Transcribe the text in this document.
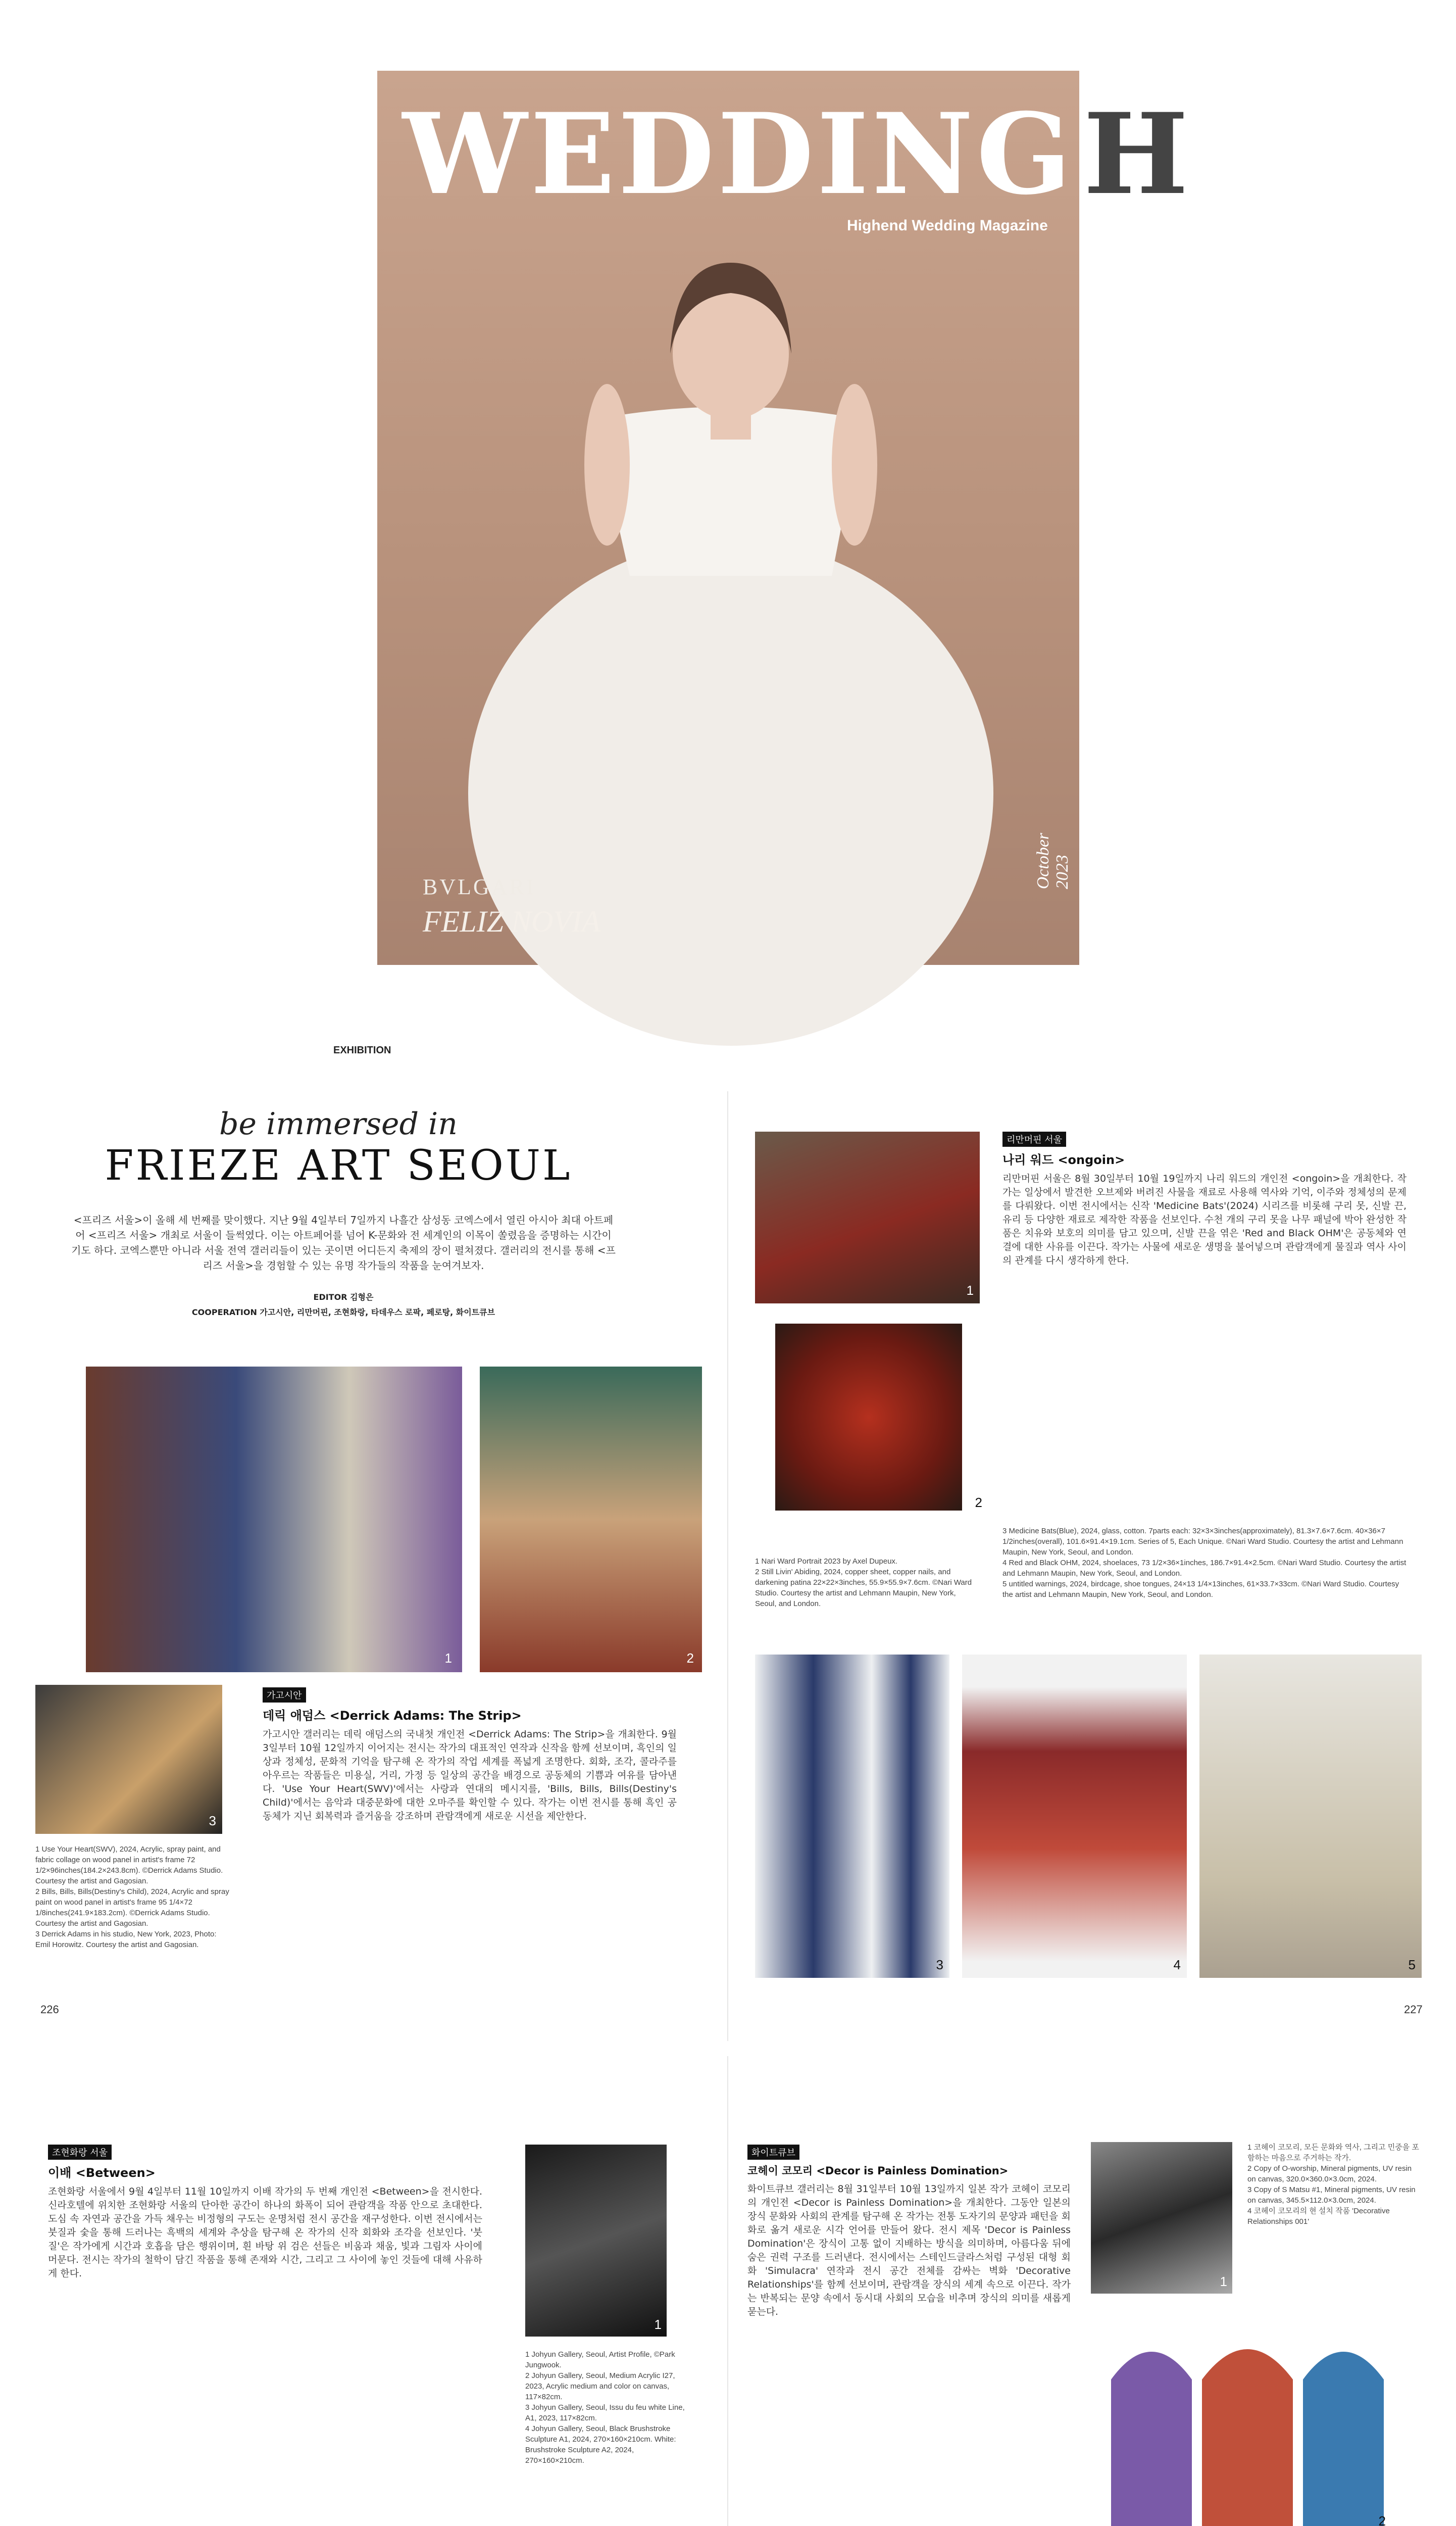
WEDDINGH
Highend Wedding Magazine
BVLGARI
FELIZ NOVIA
October 2023
EXHIBITION
be immersed in
FRIEZE ART SEOUL
<프리즈 서울>이 올해 세 번째를 맞이했다. 지난 9월 4일부터 7일까지 나흘간 삼성동 코엑스에서 열린 아시아 최대 아트페어 <프리즈 서울> 개최로 서울이 들썩였다. 이는 아트페어를 넘어 K-문화와 전 세계인의 이목이 쏠렸음을 증명하는 시간이기도 하다. 코엑스뿐만 아니라 서울 전역 갤러리들이 있는 곳이면 어디든지 축제의 장이 펼쳐졌다. 갤러리의 전시를 통해 <프리즈 서울>을 경험할 수 있는 유명 작가들의 작품을 눈여겨보자.
EDITOR 김형은
COOPERATION 가고시안, 리만머핀, 조현화랑, 타데우스 로팍, 페로탕, 화이트큐브
1	2
3
1 Use Your Heart(SWV), 2024, Acrylic, spray paint, and fabric collage on wood panel in artist's frame 72 1/2×96inches(184.2×243.8cm). ©Derrick Adams Studio. Courtesy the artist and Gagosian.
2 Bills, Bills, Bills(Destiny's Child), 2024, Acrylic and spray paint on wood panel in artist's frame 95 1/4×72 1/8inches(241.9×183.2cm). ©Derrick Adams Studio. Courtesy the artist and Gagosian.
3 Derrick Adams in his studio, New York, 2023, Photo: Emil Horowitz. Courtesy the artist and Gagosian.
가고시안
데릭 애덤스 <Derrick Adams: The Strip>
가고시안 갤러리는 데릭 애덤스의 국내첫 개인전 <Derrick Adams: The Strip>을 개최한다. 9월 3일부터 10월 12일까지 이어지는 전시는 작가의 대표적인 연작과 신작을 함께 선보이며, 흑인의 일상과 정체성, 문화적 기억을 탐구해 온 작가의 작업 세계를 폭넓게 조명한다. 회화, 조각, 콜라주를 아우르는 작품들은 미용실, 거리, 가정 등 일상의 공간을 배경으로 공동체의 기쁨과 여유를 담아낸다. 'Use Your Heart(SWV)'에서는 사랑과 연대의 메시지를, 'Bills, Bills, Bills(Destiny's Child)'에서는 음악과 대중문화에 대한 오마주를 확인할 수 있다. 작가는 이번 전시를 통해 흑인 공동체가 지닌 회복력과 즐거움을 강조하며 관람객에게 새로운 시선을 제안한다.
226
1
리만머핀 서울
나리 워드 <ongoin>
리만머핀 서울은 8월 30일부터 10월 19일까지 나리 워드의 개인전 <ongoin>을 개최한다. 작가는 일상에서 발견한 오브제와 버려진 사물을 재료로 사용해 역사와 기억, 이주와 정체성의 문제를 다뤄왔다. 이번 전시에서는 신작 'Medicine Bats'(2024) 시리즈를 비롯해 구리 못, 신발 끈, 유리 등 다양한 재료로 제작한 작품을 선보인다. 수천 개의 구리 못을 나무 패널에 박아 완성한 작품은 치유와 보호의 의미를 담고 있으며, 신발 끈을 엮은 'Red and Black OHM'은 공동체와 연결에 대한 사유를 이끈다. 작가는 사물에 새로운 생명을 불어넣으며 관람객에게 물질과 역사 사이의 관계를 다시 생각하게 한다.
2
1 Nari Ward Portrait 2023 by Axel Dupeux.
2 Still Livin' Abiding, 2024, copper sheet, copper nails, and darkening patina 22×22×3inches, 55.9×55.9×7.6cm. ©Nari Ward Studio. Courtesy the artist and Lehmann Maupin, New York, Seoul, and London.
3 Medicine Bats(Blue), 2024, glass, cotton. 7parts each: 32×3×3inches(approximately), 81.3×7.6×7.6cm. 40×36×7 1/2inches(overall), 101.6×91.4×19.1cm. Series of 5, Each Unique. ©Nari Ward Studio. Courtesy the artist and Lehmann Maupin, New York, Seoul, and London.
4 Red and Black OHM, 2024, shoelaces, 73 1/2×36×1inches, 186.7×91.4×2.5cm. ©Nari Ward Studio. Courtesy the artist and Lehmann Maupin, New York, Seoul, and London.
5 untitled warnings, 2024, birdcage, shoe tongues, 24×13 1/4×13inches, 61×33.7×33cm. ©Nari Ward Studio. Courtesy the artist and Lehmann Maupin, New York, Seoul, and London.
3	4	5
227
조현화랑 서울
이배 <Between>
조현화랑 서울에서 9월 4일부터 11월 10일까지 이배 작가의 두 번째 개인전 <Between>을 전시한다. 신라호텔에 위치한 조현화랑 서울의 단아한 공간이 하나의 화폭이 되어 관람객을 작품 안으로 초대한다. 도심 속 자연과 공간을 가득 채우는 비정형의 구도는 운명처럼 전시 공간을 재구성한다. 이번 전시에서는 붓질과 숯을 통해 드러나는 흑백의 세계와 추상을 탐구해 온 작가의 신작 회화와 조각을 선보인다. '붓질'은 작가에게 시간과 호흡을 담은 행위이며, 흰 바탕 위 검은 선들은 비움과 채움, 빛과 그림자 사이에 머문다. 전시는 작가의 철학이 담긴 작품을 통해 존재와 시간, 그리고 그 사이에 놓인 것들에 대해 사유하게 한다.
1
1 Johyun Gallery, Seoul, Artist Profile, ©Park Jungwook.
2 Johyun Gallery, Seoul, Medium Acrylic I27, 2023, Acrylic medium and color on canvas, 117×82cm.
3 Johyun Gallery, Seoul, Issu du feu white Line, A1, 2023, 117×82cm.
4 Johyun Gallery, Seoul, Black Brushstroke Sculpture A1, 2024, 270×160×210cm. White: Brushstroke Sculpture A2, 2024, 270×160×210cm.
화이트큐브
코헤이 코모리 <Decor is Painless Domination>
화이트큐브 갤러리는 8월 31일부터 10월 13일까지 일본 작가 코헤이 코모리의 개인전 <Decor is Painless Domination>을 개최한다. 그동안 일본의 장식 문화와 사회의 관계를 탐구해 온 작가는 전통 도자기의 문양과 패턴을 회화로 옮겨 새로운 시각 언어를 만들어 왔다. 전시 제목 'Decor is Painless Domination'은 장식이 고통 없이 지배하는 방식을 의미하며, 아름다움 뒤에 숨은 권력 구조를 드러낸다. 전시에서는 스테인드글라스처럼 구성된 대형 회화 'Simulacra' 연작과 전시 공간 전체를 감싸는 벽화 'Decorative Relationships'를 함께 선보이며, 관람객을 장식의 세계 속으로 이끈다. 작가는 반복되는 문양 속에서 동시대 사회의 모습을 비추며 장식의 의미를 새롭게 묻는다.
1
1 코헤이 코모리, 모든 문화와 역사, 그리고 민중을 포함하는 마음으로 주거하는 작가.
2 Copy of O-worship, Mineral pigments, UV resin on canvas, 320.0×360.0×3.0cm, 2024.
3 Copy of S Matsu #1, Mineral pigments, UV resin on canvas, 345.5×112.0×3.0cm, 2024.
4 코헤이 코모리의 현 설치 작품 'Decorative Relationships 001'
2
